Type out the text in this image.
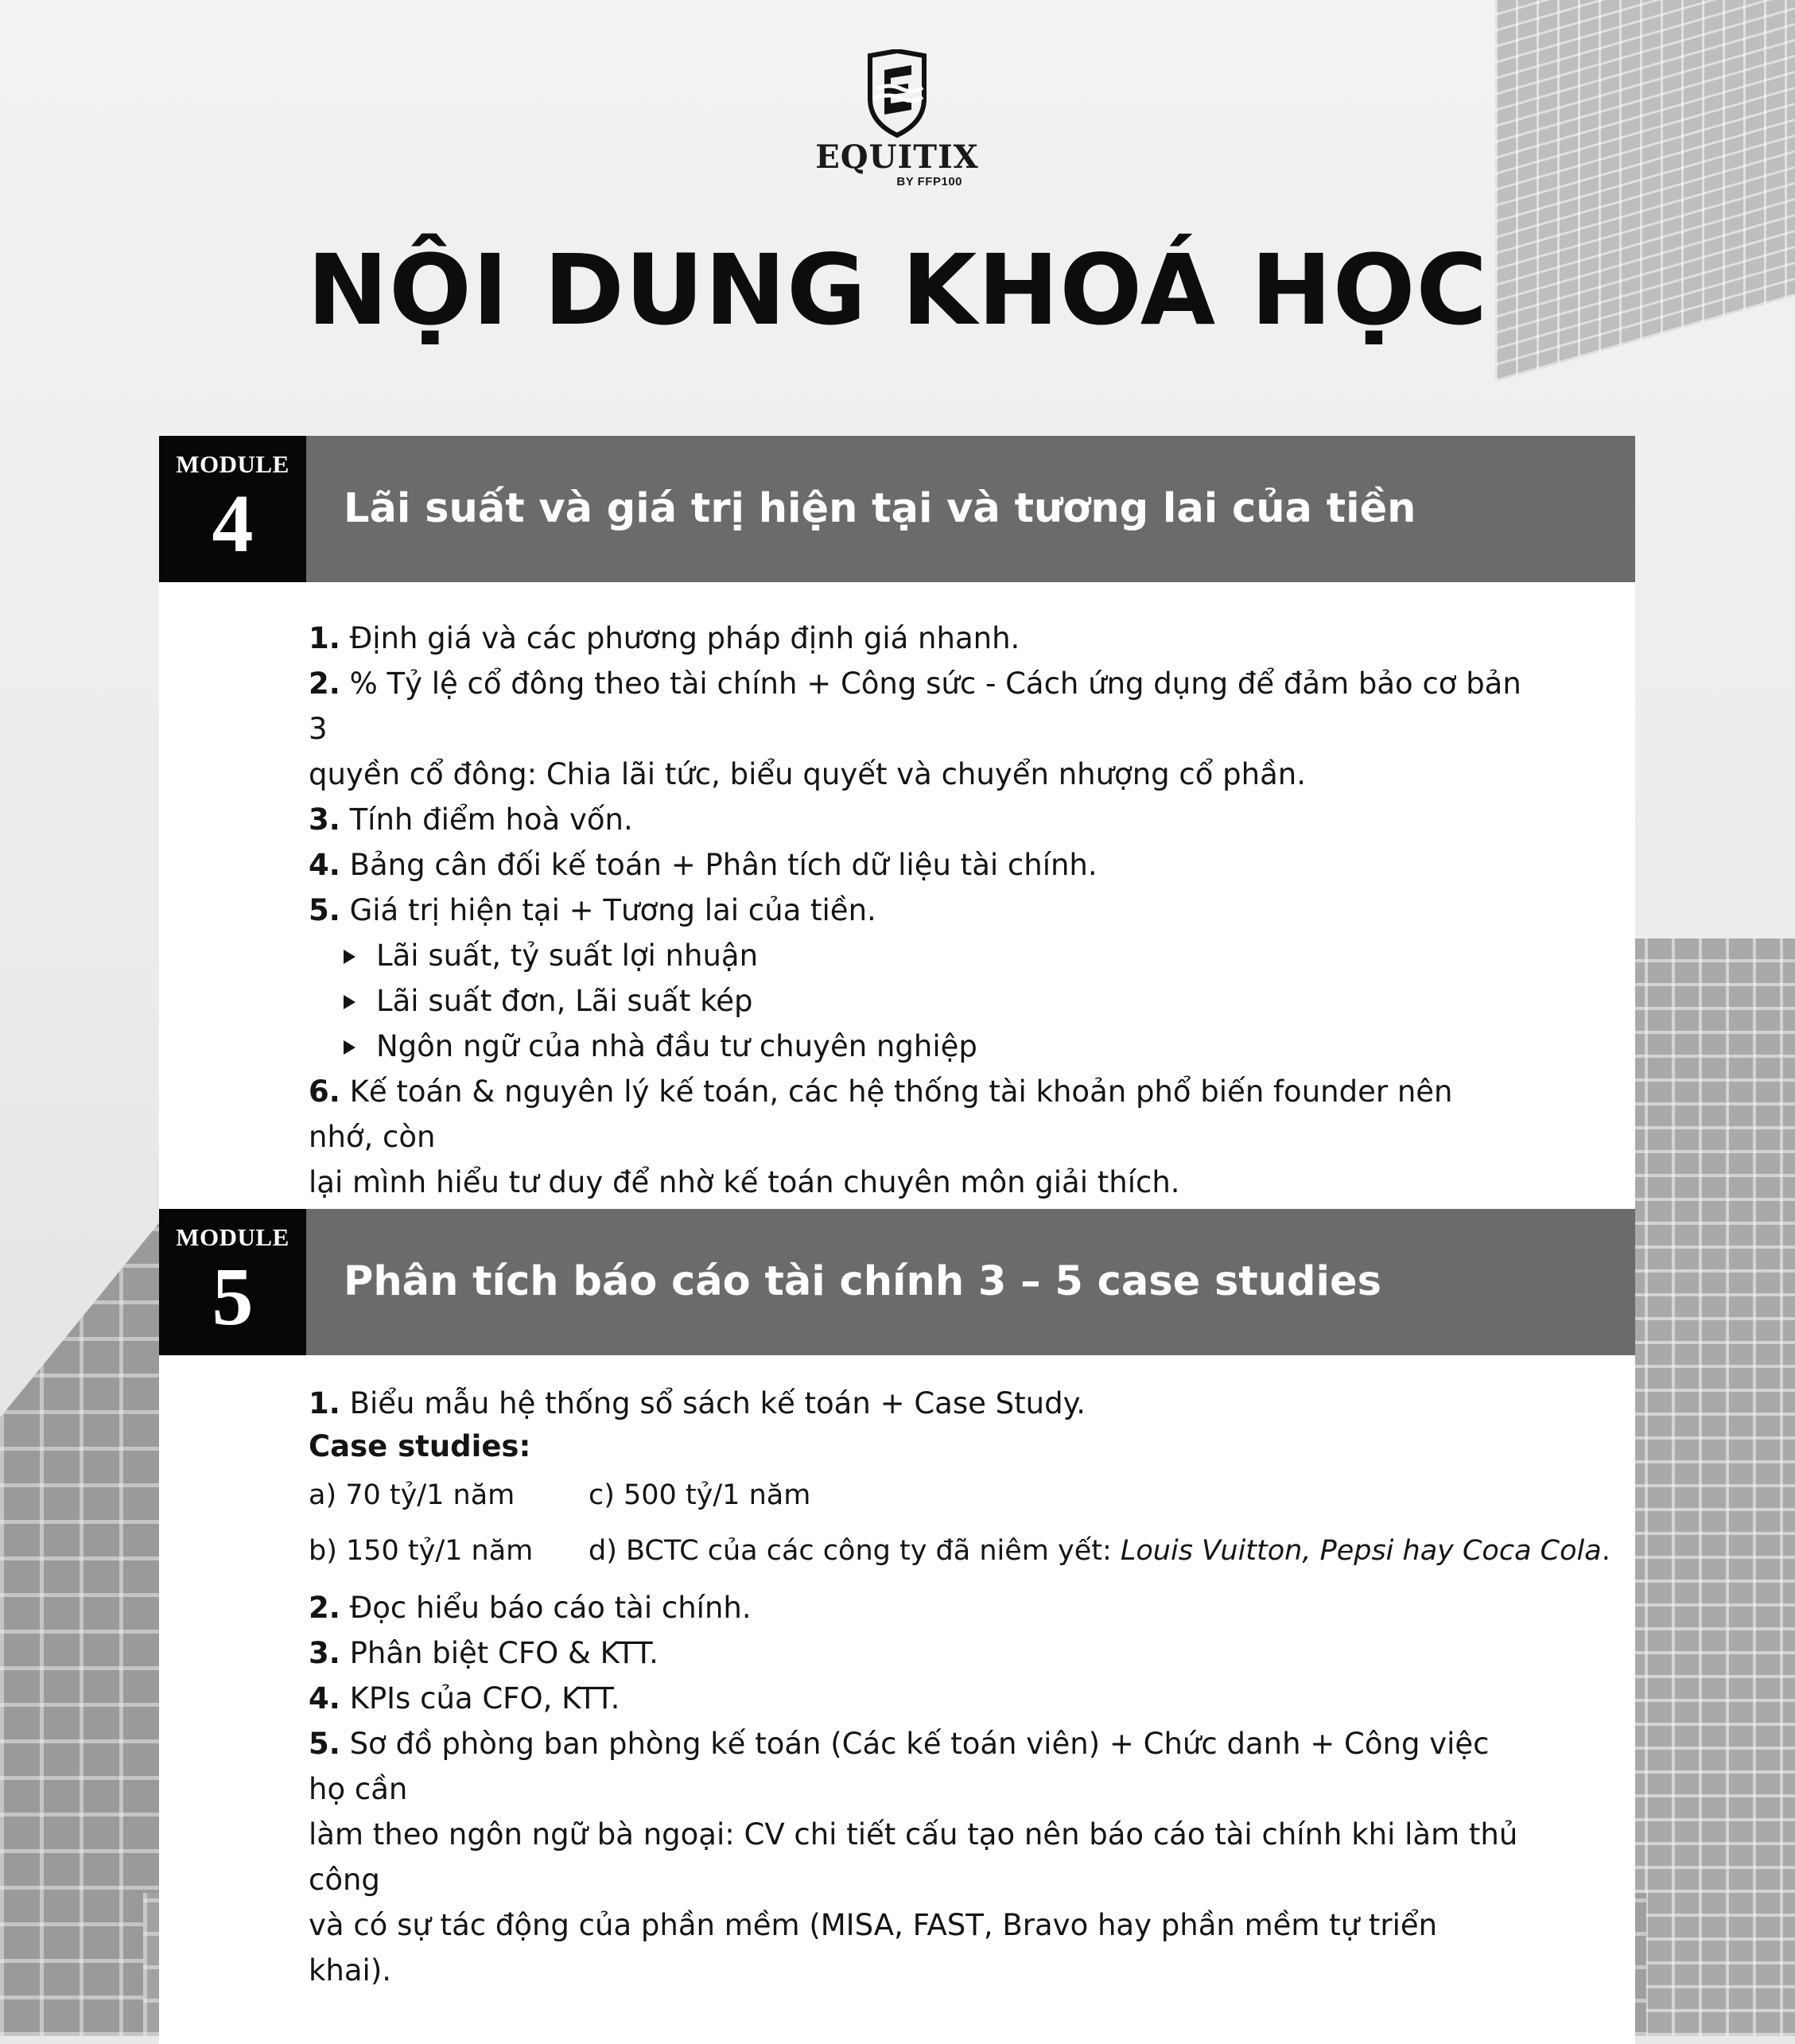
EQUITIX
BY FFP100
NỘI DUNG KHOÁ HỌC
MODULE
4	Lãi suất và giá trị hiện tại và tương lai của tiền

1. Định giá và các phương pháp định giá nhanh.

2. % Tỷ lệ cổ đông theo tài chính + Công sức - Cách ứng dụng để đảm bảo cơ bản 3

quyền cổ đông: Chia lãi tức, biểu quyết và chuyển nhượng cổ phần.

3. Tính điểm hoà vốn.

4. Bảng cân đối kế toán + Phân tích dữ liệu tài chính.

5. Giá trị hiện tại + Tương lai của tiền.

Lãi suất, tỷ suất lợi nhuận

Lãi suất đơn, Lãi suất kép

Ngôn ngữ của nhà đầu tư chuyên nghiệp

6. Kế toán & nguyên lý kế toán, các hệ thống tài khoản phổ biến founder nên nhớ, còn

lại mình hiểu tư duy để nhờ kế toán chuyên môn giải thích.

MODULE
5	Phân tích báo cáo tài chính 3 – 5 case studies

1. Biểu mẫu hệ thống sổ sách kế toán + Case Study.

Case studies:

a) 70 tỷ/1 năm	c) 500 tỷ/1 năm
b) 150 tỷ/1 năm	d) BCTC của các công ty đã niêm yết: Louis Vuitton, Pepsi hay Coca Cola.

2. Đọc hiểu báo cáo tài chính.

3. Phân biệt CFO & KTT.

4. KPIs của CFO, KTT.

5. Sơ đồ phòng ban phòng kế toán (Các kế toán viên) + Chức danh + Công việc họ cần

làm theo ngôn ngữ bà ngoại: CV chi tiết cấu tạo nên báo cáo tài chính khi làm thủ công

và có sự tác động của phần mềm (MISA, FAST, Bravo hay phần mềm tự triển khai).
